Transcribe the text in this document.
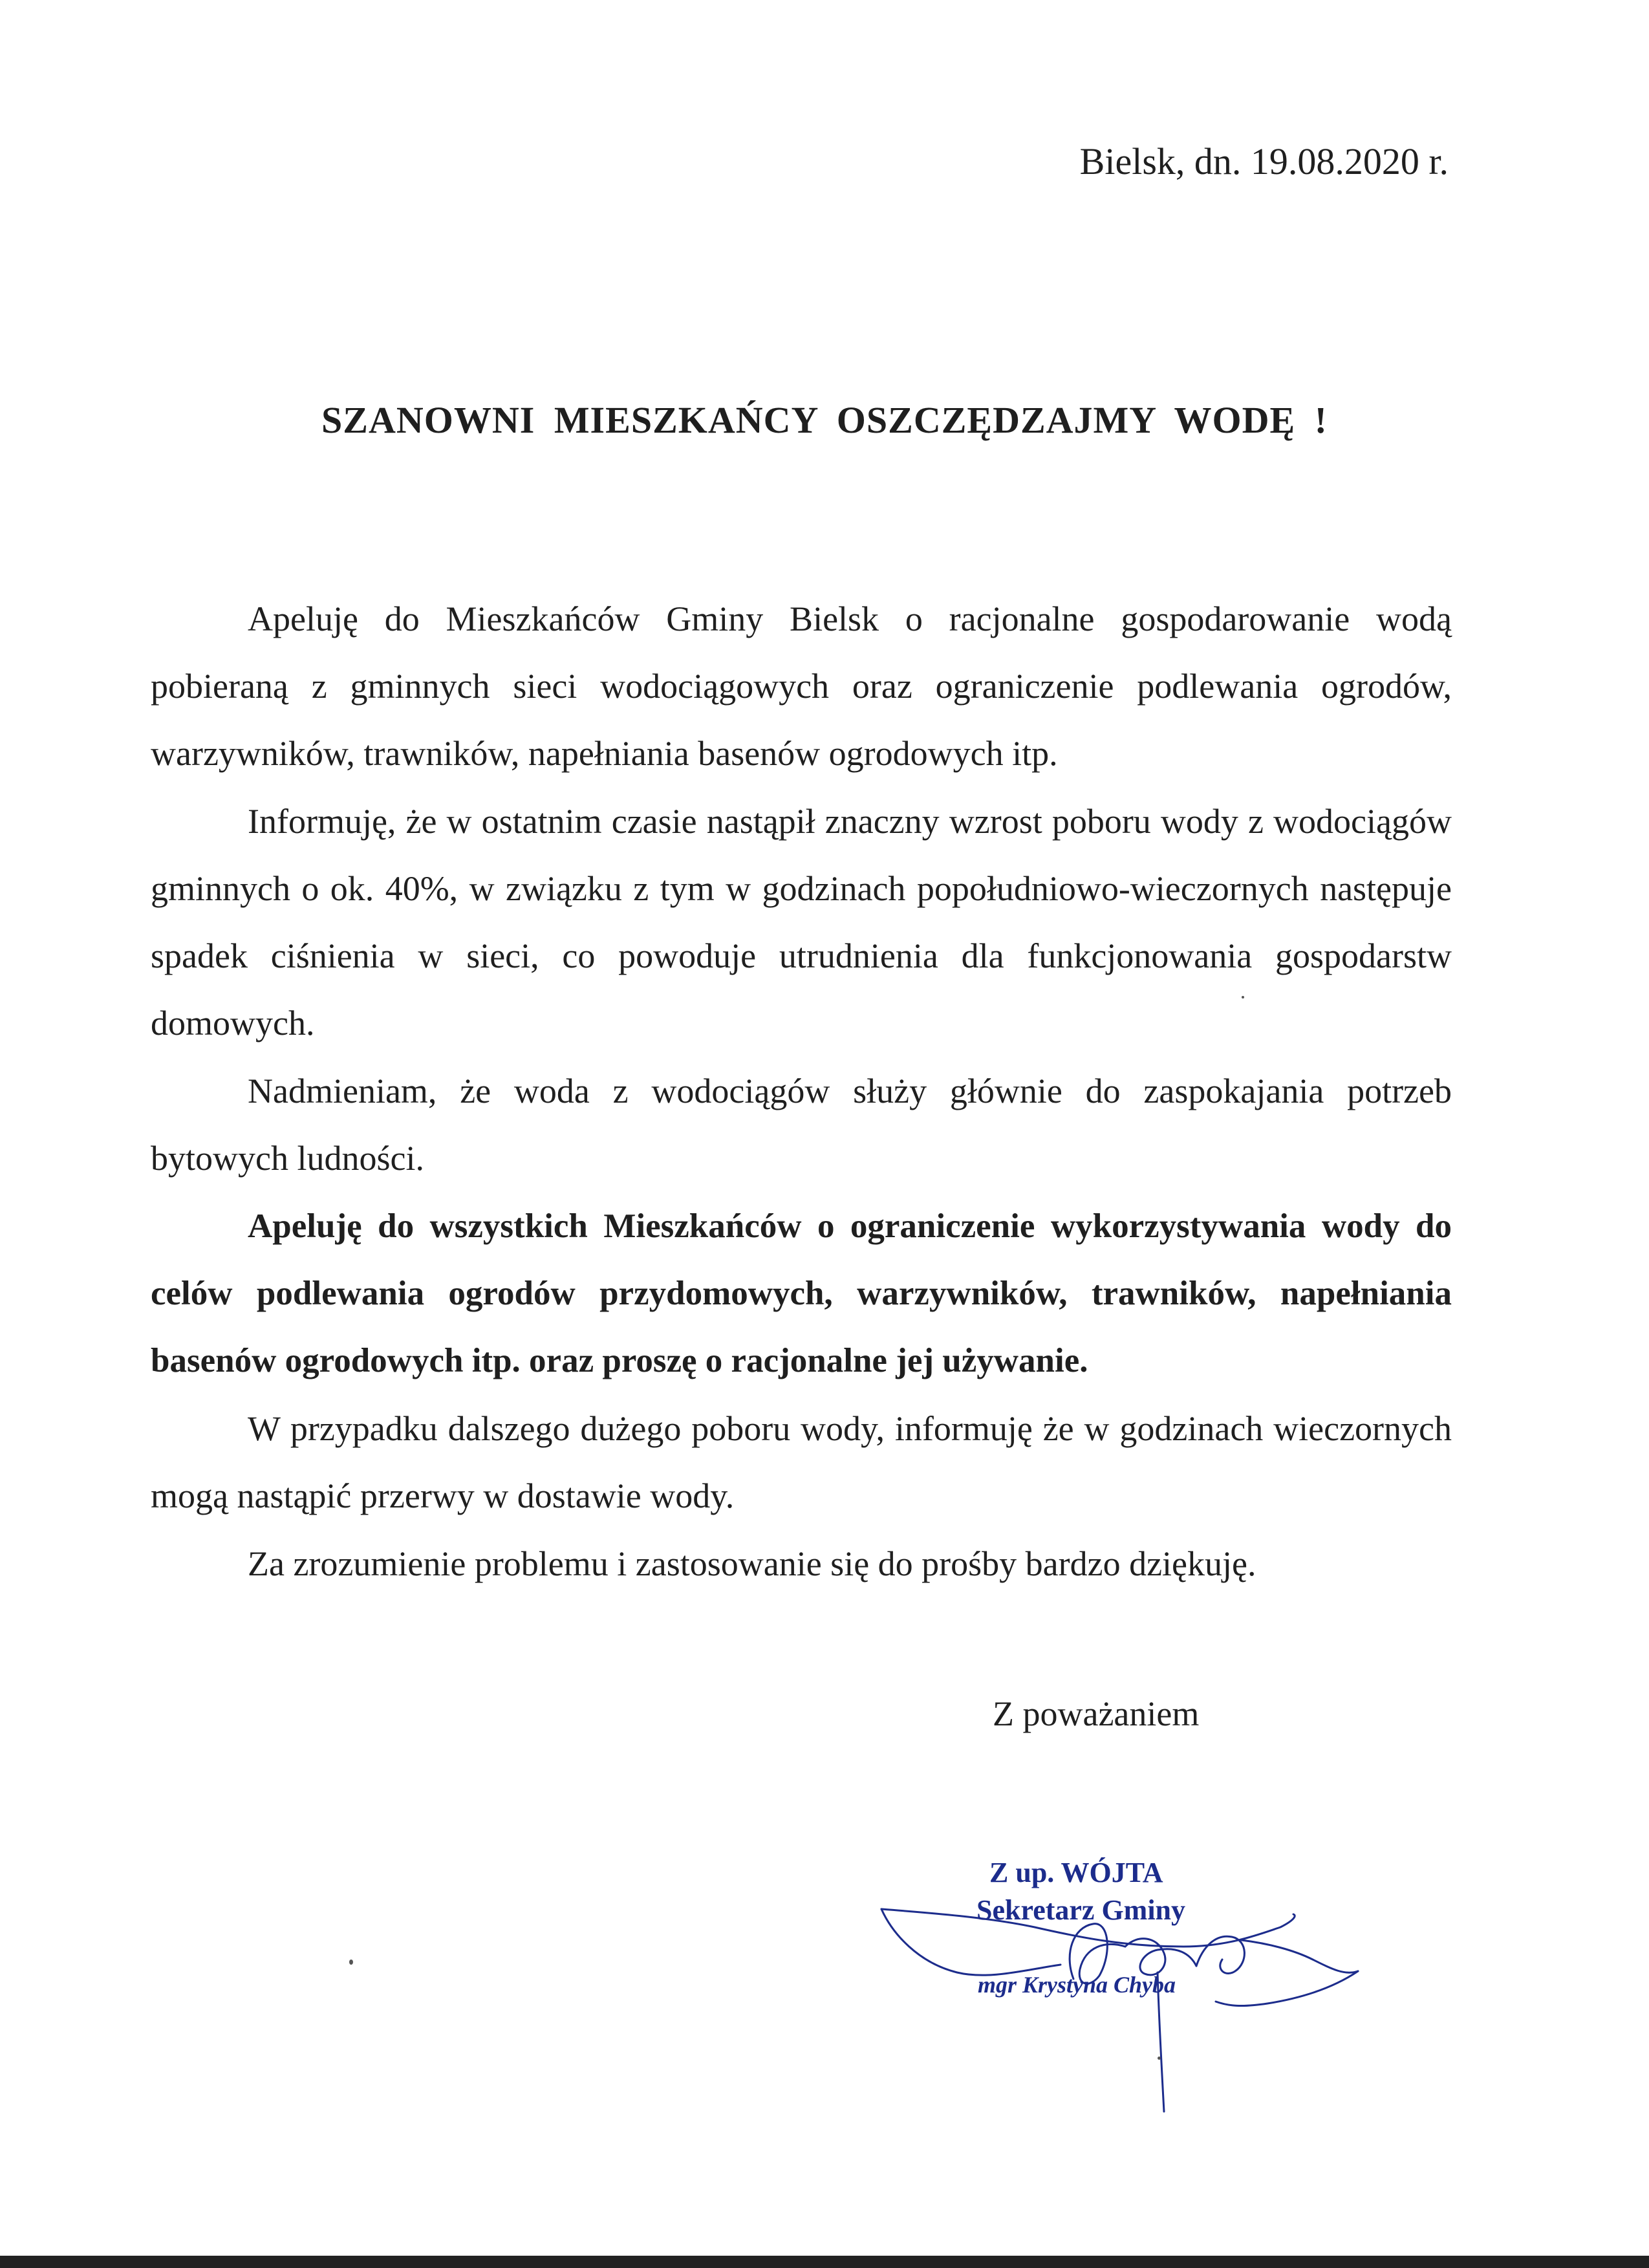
Bielsk, dn. 19.08.2020 r.
SZANOWNI MIESZKAŃCY OSZCZĘDZAJMY WODĘ !

Apeluję do Mieszkańców Gminy Bielsk o racjonalne gospodarowanie wodą pobieraną z gminnych sieci wodociągowych oraz ograniczenie podlewania ogrodów, warzywników, trawników, napełniania basenów ogrodowych itp.

Informuję, że w ostatnim czasie nastąpił znaczny wzrost poboru wody z wodociągów gminnych o ok. 40%, w związku z tym w godzinach popołudniowo-wieczornych następuje spadek ciśnienia w sieci, co powoduje utrudnienia dla funkcjonowania gospodarstw domowych.

Nadmieniam, że woda z wodociągów służy głównie do zaspokajania potrzeb bytowych ludności.

Apeluję do wszystkich Mieszkańców o ograniczenie wykorzystywania wody do celów podlewania ogrodów przydomowych, warzywników, trawników, napełniania basenów ogrodowych itp. oraz proszę o racjonalne jej używanie.

W przypadku dalszego dużego poboru wody, informuję że w godzinach wieczornych mogą nastąpić przerwy w dostawie wody.

Za zrozumienie problemu i zastosowanie się do prośby bardzo dziękuję.

Z poważaniem
Z up. WÓJTA
Sekretarz Gminy
mgr Krystyna Chyba
